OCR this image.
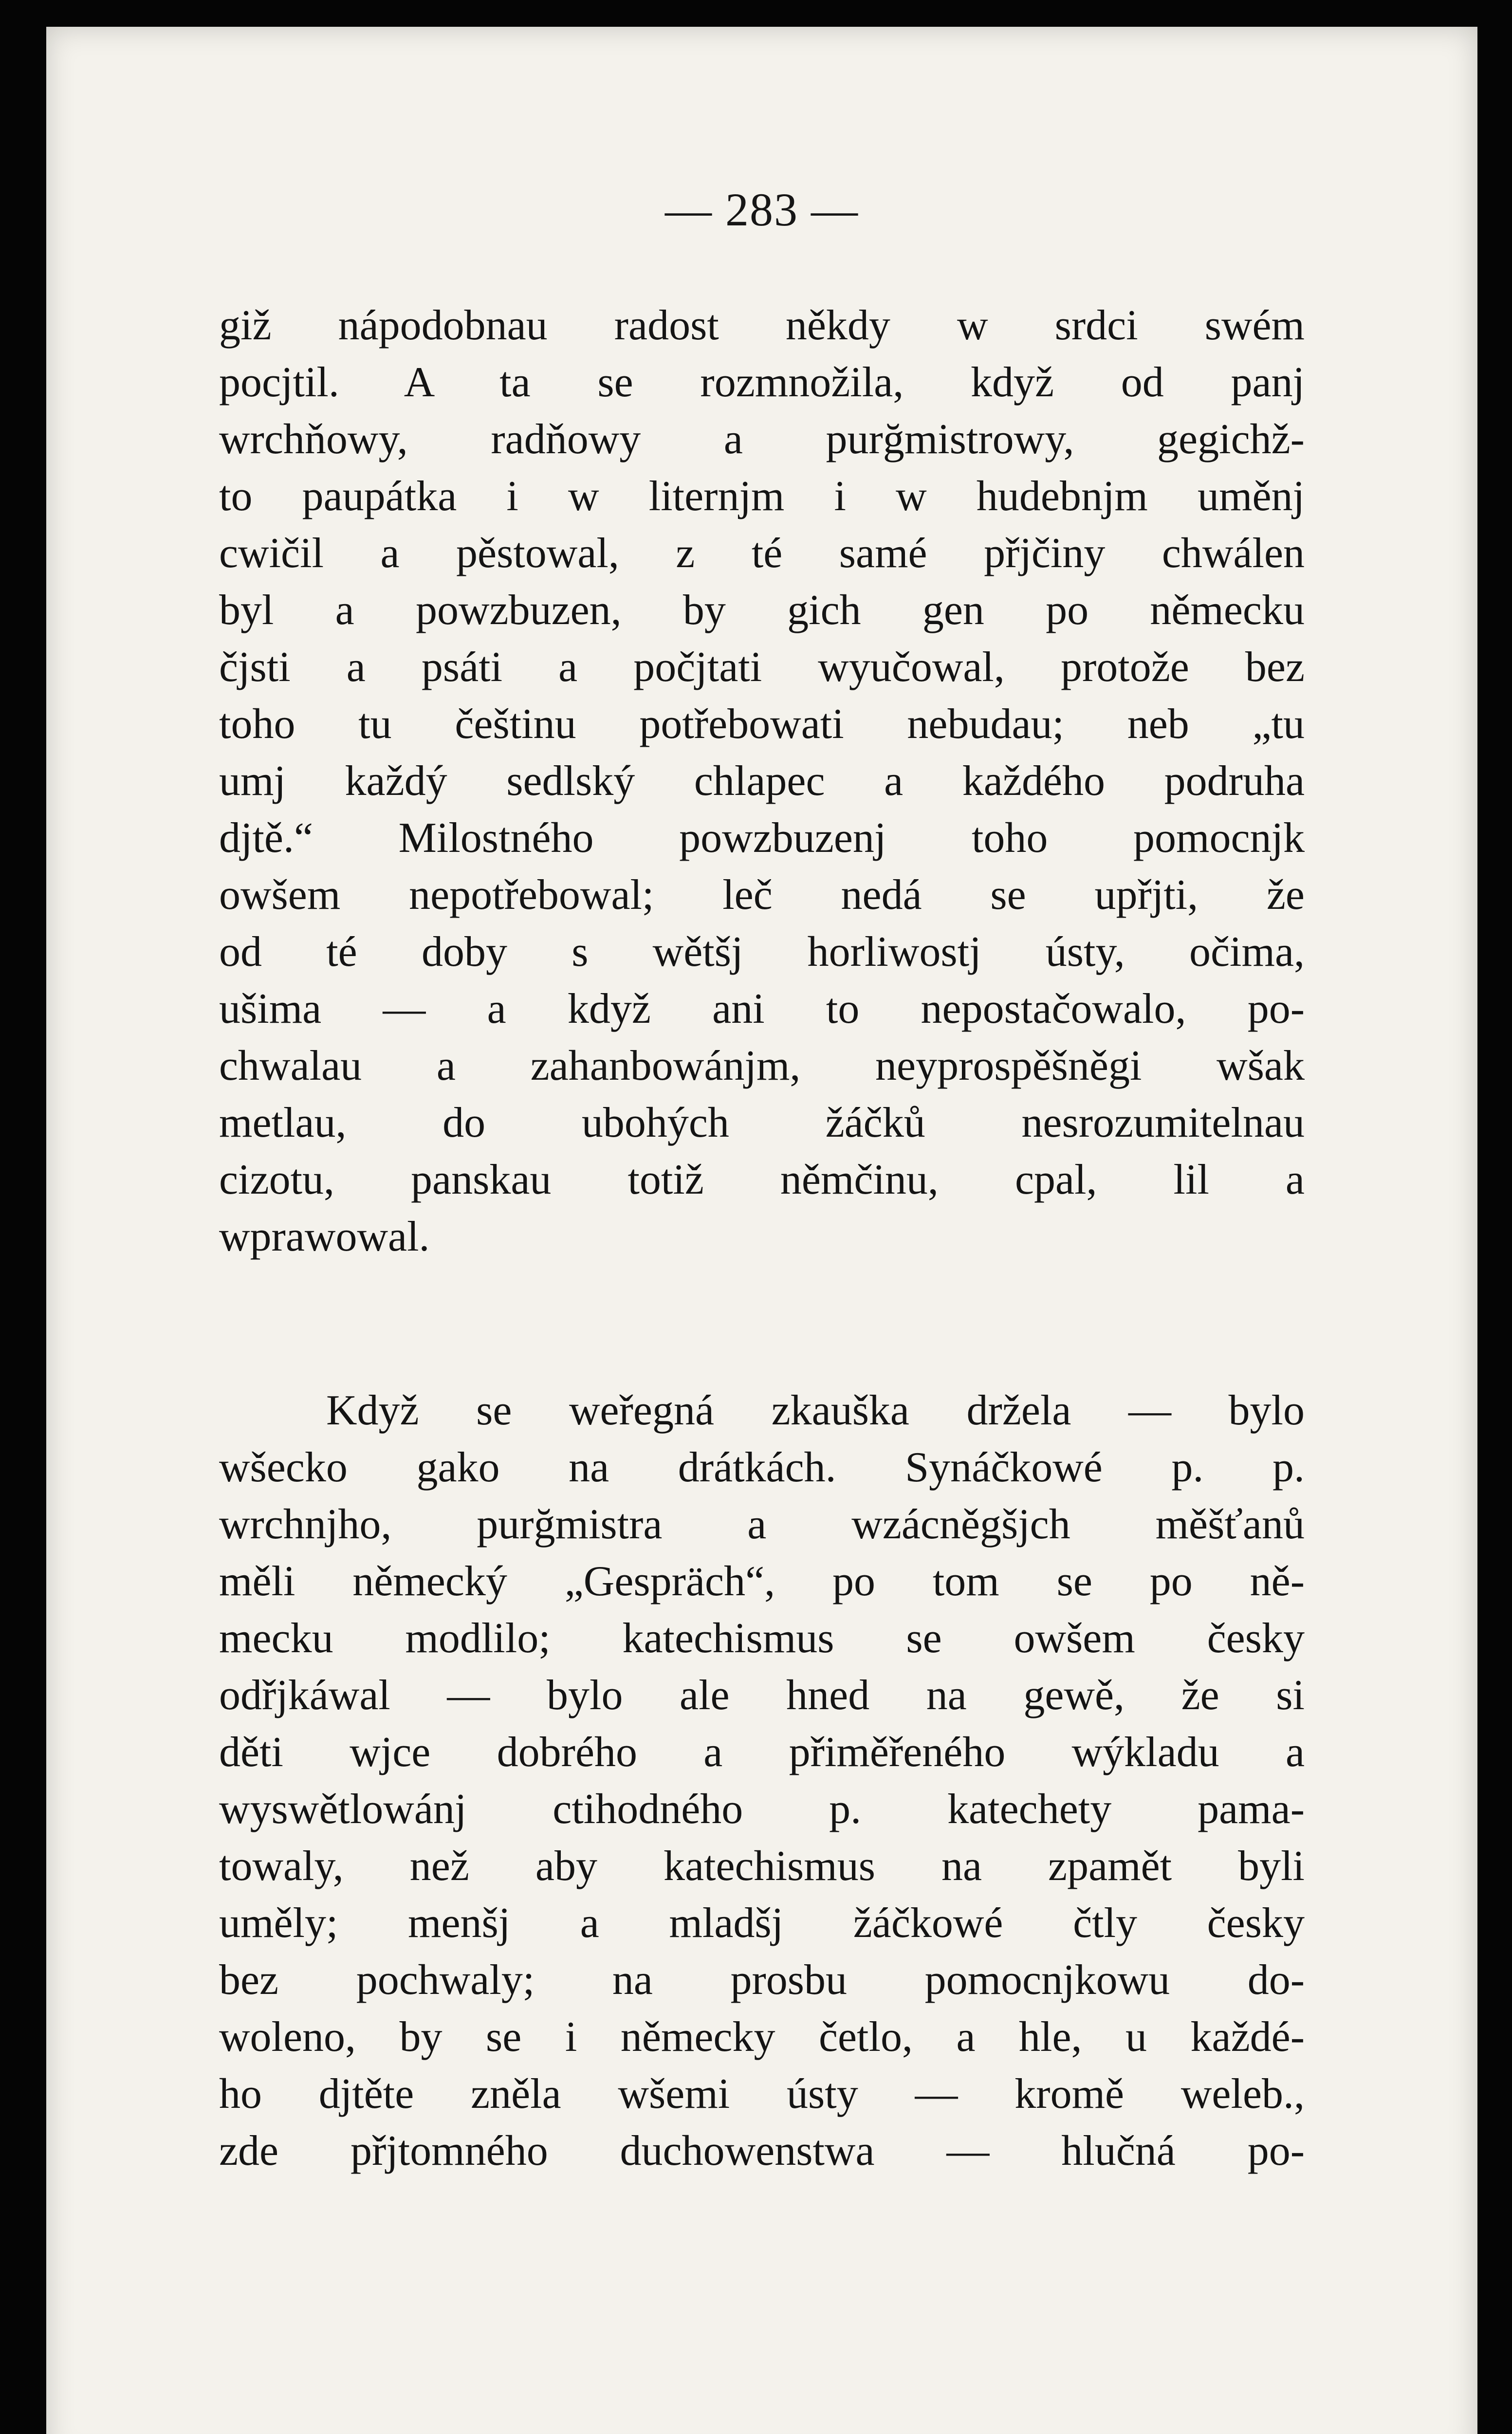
— 283 —
giž nápodobnau radost někdy w srdci swém
pocjtil. A ta se rozmnožila, když od panj
wrchňowy, radňowy a purğmistrowy, gegichž-
to paupátka i w liternjm i w hudebnjm uměnj
cwičil a pěstowal, z té samé přjčiny chwálen
byl a powzbuzen, by gich gen po německu
čjsti a psáti a počjtati wyučowal, protože bez
toho tu češtinu potřebowati nebudau; neb „tu
umj každý sedlský chlapec a každého podruha
djtě.“ Milostného powzbuzenj toho pomocnjk
owšem nepotřebowal; leč nedá se upřjti, že
od té doby s wětšj horliwostj ústy, očima,
ušima — a když ani to nepostačowalo, po-
chwalau a zahanbowánjm, neyprospěšněgi wšak
metlau, do ubohých žáčků nesrozumitelnau
cizotu, panskau totiž němčinu, cpal, lil a
wprawowal.
Když se weřegná zkauška držela — bylo
wšecko gako na drátkách. Synáčkowé p. p.
wrchnjho, purğmistra a wzácněgšjch měšťanů
měli německý „Gespräch“, po tom se po ně-
mecku modlilo; katechismus se owšem česky
odřjkáwal — bylo ale hned na gewě, že si
děti wjce dobrého a přiměřeného wýkladu a
wyswětlowánj ctihodného p. katechety pama-
towaly, než aby katechismus na zpamět byli
uměly; menšj a mladšj žáčkowé čtly česky
bez pochwaly; na prosbu pomocnjkowu do-
woleno, by se i německy četlo, a hle, u každé-
ho djtěte zněla wšemi ústy — kromě weleb.,
zde přjtomného duchowenstwa — hlučná po-
